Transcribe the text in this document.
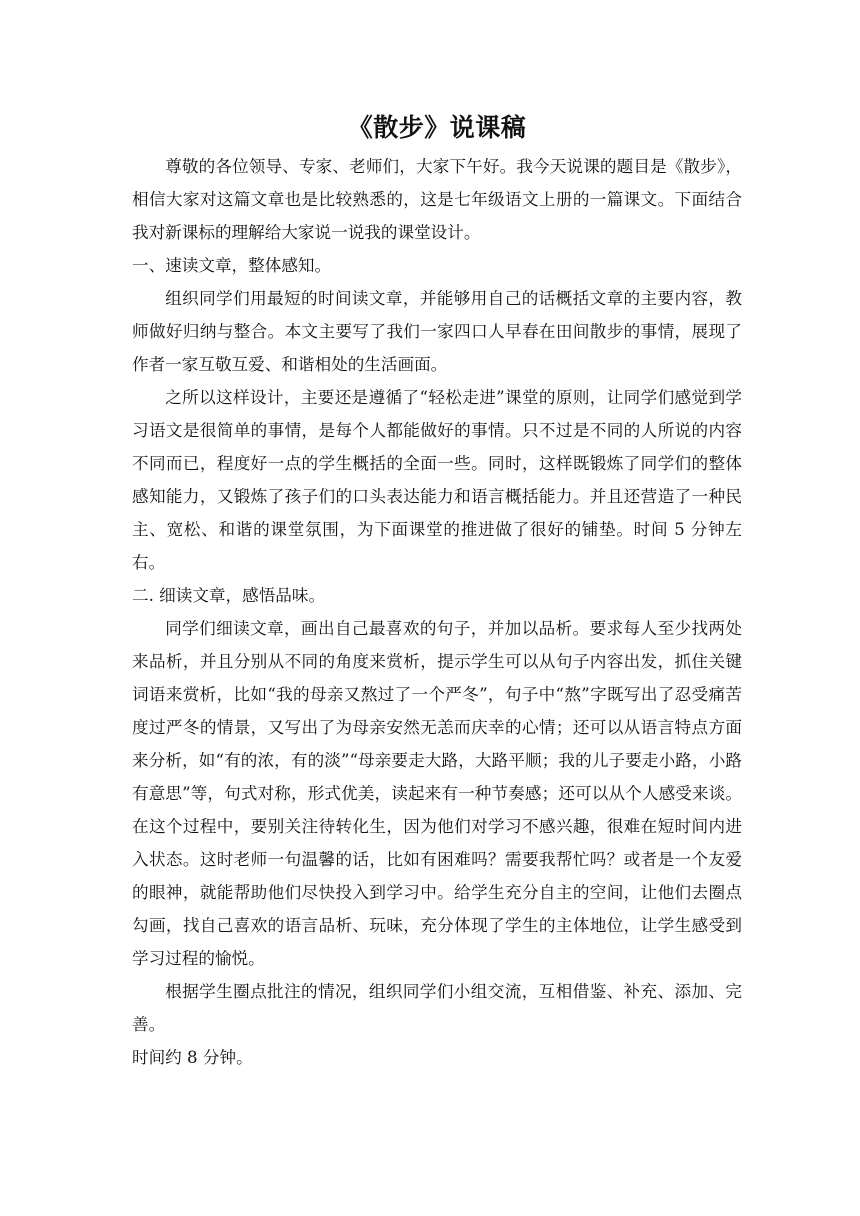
《散步》说课稿

尊敬的各位领导、专家、老师们，大家下午好。我今天说课的题目是《散步》，相信大家对这篇文章也是比较熟悉的，这是七年级语文上册的一篇课文。下面结合我对新课标的理解给大家说一说我的课堂设计。

一、速读文章，整体感知。

组织同学们用最短的时间读文章，并能够用自己的话概括文章的主要内容，教师做好归纳与整合。本文主要写了我们一家四口人早春在田间散步的事情，展现了作者一家互敬互爱、和谐相处的生活画面。

之所以这样设计，主要还是遵循了“轻松走进”课堂的原则，让同学们感觉到学习语文是很简单的事情，是每个人都能做好的事情。只不过是不同的人所说的内容不同而已，程度好一点的学生概括的全面一些。同时，这样既锻炼了同学们的整体感知能力，又锻炼了孩子们的口头表达能力和语言概括能力。并且还营造了一种民主、宽松、和谐的课堂氛围，为下面课堂的推进做了很好的铺垫。时间 5 分钟左右。

二. 细读文章，感悟品味。

同学们细读文章，画出自己最喜欢的句子，并加以品析。要求每人至少找两处来品析，并且分别从不同的角度来赏析，提示学生可以从句子内容出发，抓住关键词语来赏析，比如“我的母亲又熬过了一个严冬”，句子中“熬”字既写出了忍受痛苦度过严冬的情景，又写出了为母亲安然无恙而庆幸的心情；还可以从语言特点方面来分析，如“有的浓，有的淡”“母亲要走大路，大路平顺；我的儿子要走小路，小路有意思”等，句式对称，形式优美，读起来有一种节奏感；还可以从个人感受来谈。在这个过程中，要别关注待转化生，因为他们对学习不感兴趣，很难在短时间内进入状态。这时老师一句温馨的话，比如有困难吗？需要我帮忙吗？或者是一个友爱的眼神，就能帮助他们尽快投入到学习中。给学生充分自主的空间，让他们去圈点勾画，找自己喜欢的语言品析、玩味，充分体现了学生的主体地位，让学生感受到学习过程的愉悦。

根据学生圈点批注的情况，组织同学们小组交流，互相借鉴、补充、添加、完善。

时间约 8 分钟。
